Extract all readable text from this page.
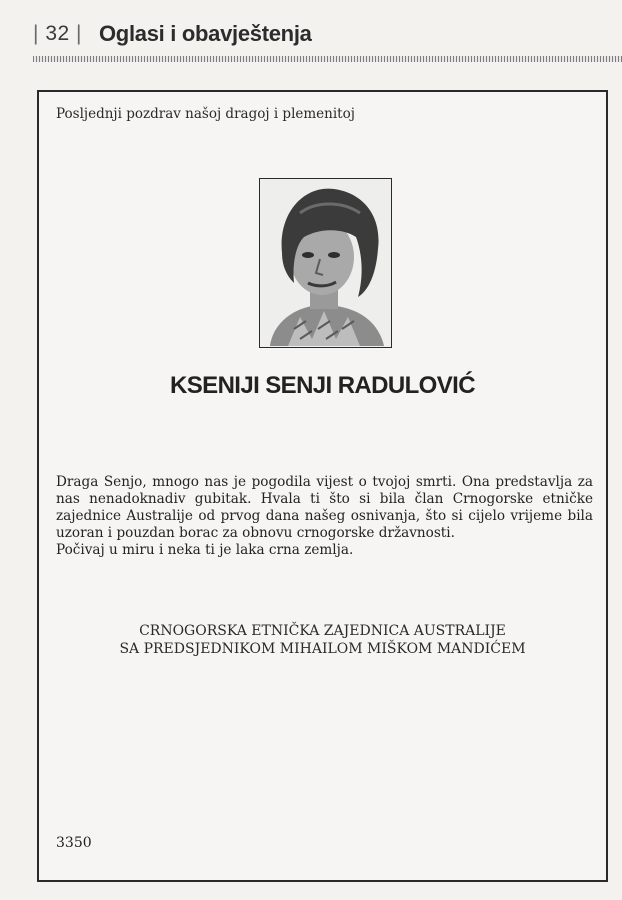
| 32 | Oglasi i obavještenja
Posljednji pozdrav našoj dragoj i plemenitoj
KSENIJI SENJI RADULOVIĆ

Draga Senjo, mnogo nas je pogodila vijest o tvojoj smrti. Ona predstavlja za nas nenadoknadiv gubitak. Hvala ti što si bila član Crnogorske etničke zajednice Australije od prvog dana našeg osnivanja, što si cijelo vrijeme bila uzoran i pouzdan borac za obnovu crnogorske državnosti.

Počivaj u miru i neka ti je laka crna zemlja.

CRNOGORSKA ETNIČKA ZAJEDNICA AUSTRALIJE
SA PREDSJEDNIKOM MIHAILOM MIŠKOM MANDIĆEM
3350
